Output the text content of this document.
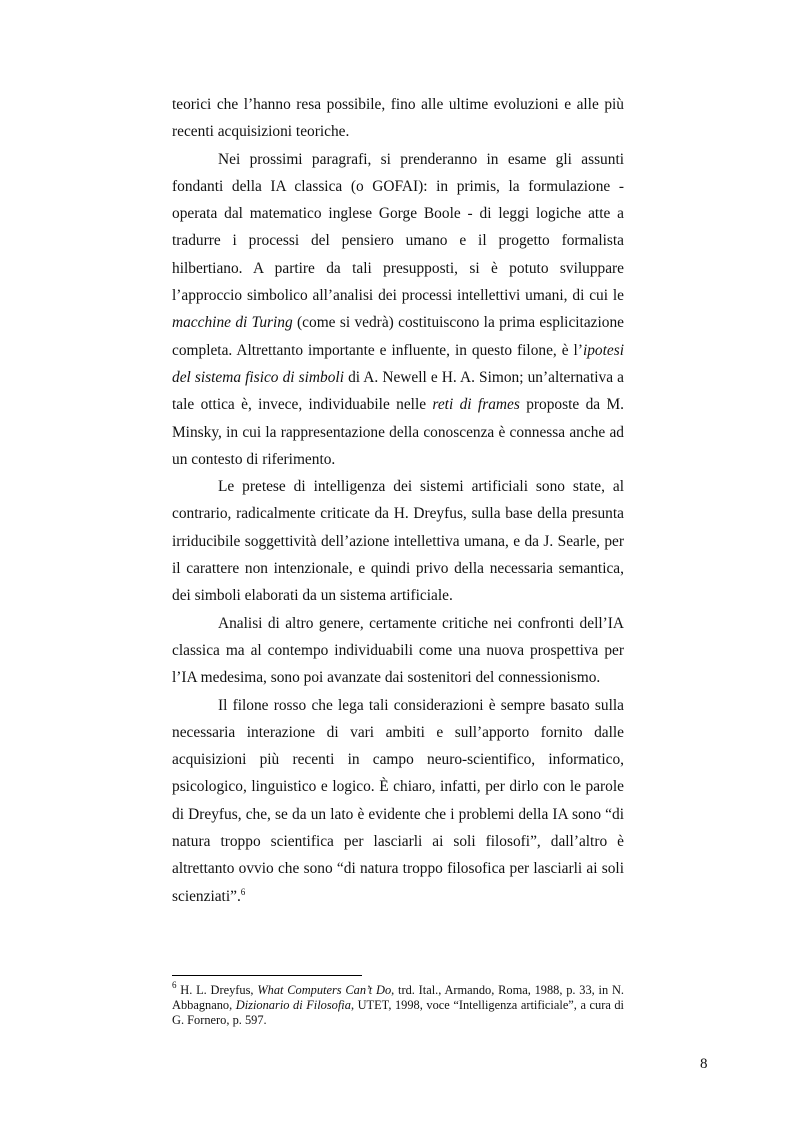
teorici che l’hanno resa possibile, fino alle ultime evoluzioni e alle più recenti acquisizioni teoriche.

Nei prossimi paragrafi, si prenderanno in esame gli assunti fondanti della IA classica (o GOFAI): in primis, la formulazione - operata dal matematico inglese Gorge Boole - di leggi logiche atte a tradurre i processi del pensiero umano e il progetto formalista hilbertiano. A partire da tali presupposti, si è potuto sviluppare l’approccio simbolico all’analisi dei processi intellettivi umani, di cui le macchine di Turing (come si vedrà) costituiscono la prima esplicitazione completa. Altrettanto importante e influente, in questo filone, è l’ipotesi del sistema fisico di simboli di A. Newell e H. A. Simon; un’alternativa a tale ottica è, invece, individuabile nelle reti di frames proposte da M. Minsky, in cui la rappresentazione della conoscenza è connessa anche ad un contesto di riferimento.

Le pretese di intelligenza dei sistemi artificiali sono state, al contrario, radicalmente criticate da H. Dreyfus, sulla base della presunta irriducibile soggettività dell’azione intellettiva umana, e da J. Searle, per il carattere non intenzionale, e quindi privo della necessaria semantica, dei simboli elaborati da un sistema artificiale.

Analisi di altro genere, certamente critiche nei confronti dell’IA classica ma al contempo individuabili come una nuova prospettiva per l’IA medesima, sono poi avanzate dai sostenitori del connessionismo.

Il filone rosso che lega tali considerazioni è sempre basato sulla necessaria interazione di vari ambiti e sull’apporto fornito dalle acquisizioni più recenti in campo neuro-scientifico, informatico, psicologico, linguistico e logico. È chiaro, infatti, per dirlo con le parole di Dreyfus, che, se da un lato è evidente che i problemi della IA sono “di natura troppo scientifica per lasciarli ai soli filosofi”, dall’altro è altrettanto ovvio che sono “di natura troppo filosofica per lasciarli ai soli scienziati”.$^6$

$^6$ H. L. Dreyfus, What Computers Can’t Do, trd. Ital., Armando, Roma, 1988, p. 33, in N. Abbagnano, Dizionario di Filosofia, UTET, 1998, voce “Intelligenza artificiale”, a cura di G. Fornero, p. 597.

8
